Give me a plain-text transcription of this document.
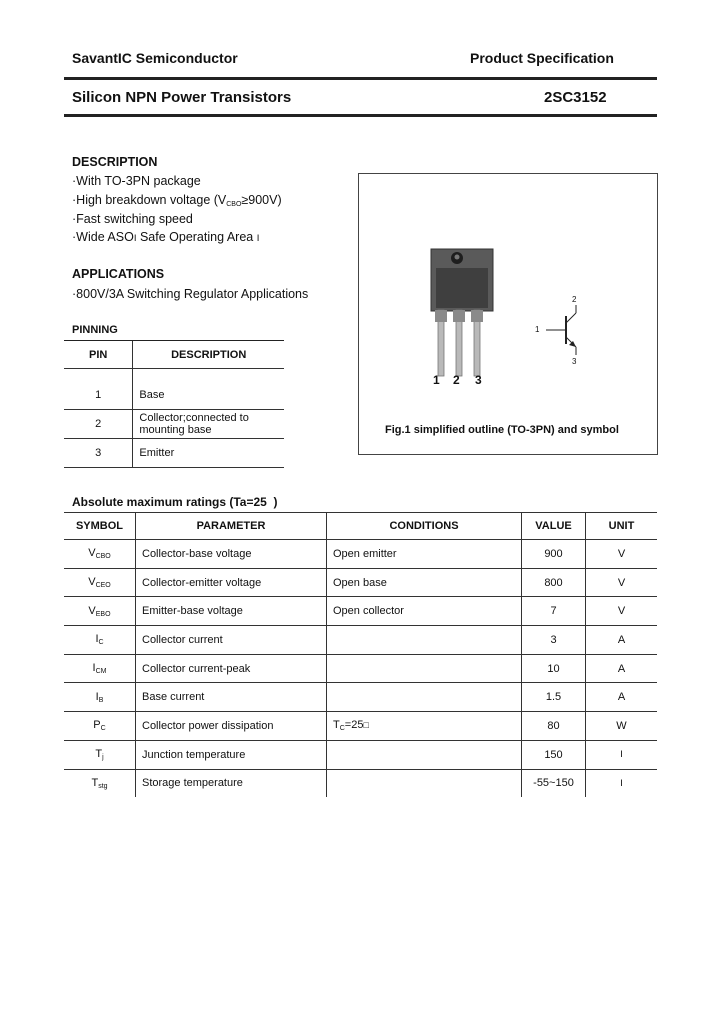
SavantIC Semiconductor	Product Specification
Silicon NPN Power Transistors	2SC3152
DESCRIPTION
·With TO-3PN package
·High breakdown voltage $(V_{CBO}\ge 900V)$
·Fast switching speed
·Wide ASOⅠ Safe Operating Area Ⅰ
APPLICATIONS
·800V/3A Switching Regulator Applications
PINNING
PIN	DESCRIPTION
1	Base
2	Collector;connected to mounting base
3	Emitter
1 2 3
1
2
3
Fig.1 simplified outline (TO-3PN) and symbol
Absolute maximum ratings (Ta=25 )
SYMBOL	PARAMETER	CONDITIONS	VALUE	UNIT
$V_{CBO}$	Collector-base voltage	Open emitter	900	V
$V_{CEO}$	Collector-emitter voltage	Open base	800	V
$V_{EBO}$	Emitter-base voltage	Open collector	7	V
$I_C$	Collector current		3	A
$I_{CM}$	Collector current-peak		10	A
$I_B$	Base current		1.5	A
$P_C$	Collector power dissipation	$T_C=25□$	80	W
$T_j$	Junction temperature		150	Ⅰ
$T_{stg}$	Storage temperature		-55~150	Ⅰ
